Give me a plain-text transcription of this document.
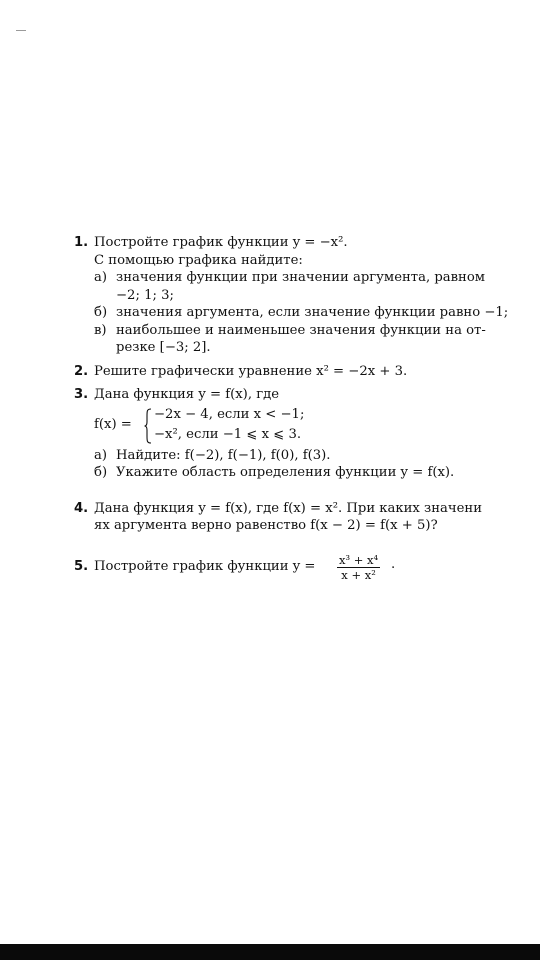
1. Постройте график функции y = −x².
С помощью графика найдите:
а) значения функции при значении аргумента, равном
−2; 1; 3;
б) значения аргумента, если значение функции равно −1;
в) наибольшее и наименьшее значения функции на от-
резке [−3; 2].
2. Решите графически уравнение x² = −2x + 3.
3. Дана функция y = f(x), где
f(x) =
−2x − 4, если x < −1;
−x², если −1 ⩽ x ⩽ 3.
а) Найдите: f(−2), f(−1), f(0), f(3).
б) Укажите область определения функции y = f(x).
4. Дана функция y = f(x), где f(x) = x². При каких значени
ях аргумента верно равенство f(x − 2) = f(x + 5)?
5. Постройте график функции $y = \frac{\text{x³ + x⁴}}{\text{x + x²}}$ .
